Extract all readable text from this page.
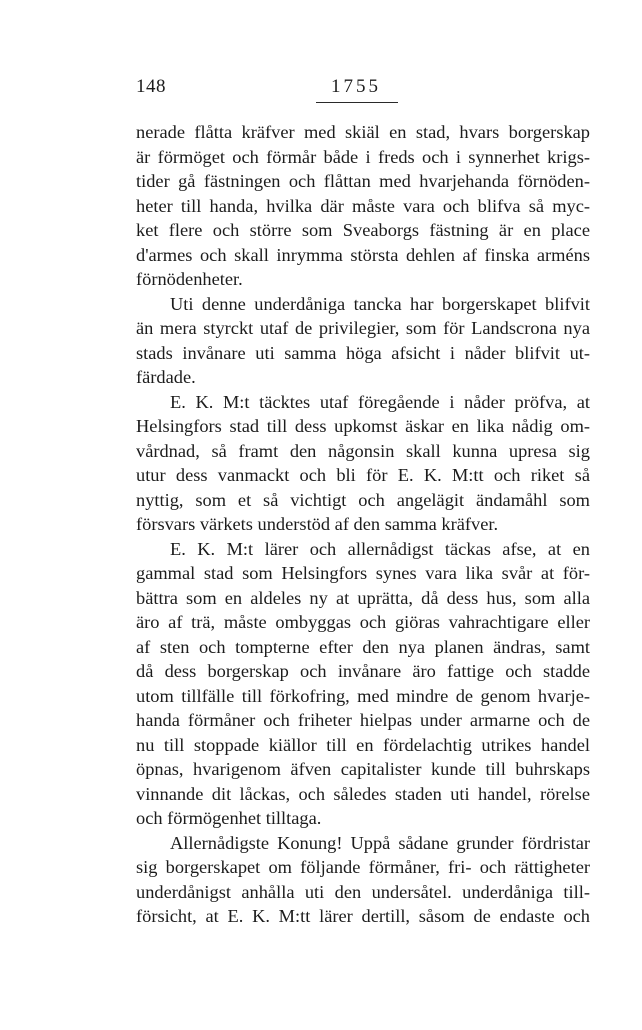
148	1755
nerade flåtta kräfver med skiäl en stad, hvars borgerskap
är förmöget och förmår både i freds och i synnerhet krigs-
tider gå fästningen och flåttan med hvarjehanda förnöden-
heter till handa, hvilka där måste vara och blifva så myc-
ket flere och större som Sveaborgs fästning är en place
d'armes och skall inrymma största dehlen af finska arméns
förnödenheter.
Uti denne underdåniga tancka har borgerskapet blifvit
än mera styrckt utaf de privilegier, som för Landscrona nya
stads invånare uti samma höga afsicht i nåder blifvit ut-
färdade.
E. K. M:t täcktes utaf föregående i nåder pröfva, at
Helsingfors stad till dess upkomst äskar en lika nådig om-
vårdnad, så framt den någonsin skall kunna upresa sig
utur dess vanmackt och bli för E. K. M:tt och riket så
nyttig, som et så vichtigt och angelägit ändamåhl som
försvars värkets understöd af den samma kräfver.
E. K. M:t lärer och allernådigst täckas afse, at en
gammal stad som Helsingfors synes vara lika svår at för-
bättra som en aldeles ny at uprätta, då dess hus, som alla
äro af trä, måste ombyggas och giöras vahrachtigare eller
af sten och tompterne efter den nya planen ändras, samt
då dess borgerskap och invånare äro fattige och stadde
utom tillfälle till förkofring, med mindre de genom hvarje-
handa förmåner och friheter hielpas under armarne och de
nu till stoppade kiällor till en fördelachtig utrikes handel
öpnas, hvarigenom äfven capitalister kunde till buhrskaps
vinnande dit låckas, och således staden uti handel, rörelse
och förmögenhet tilltaga.
Allernådigste Konung! Uppå sådane grunder fördristar
sig borgerskapet om följande förmåner, fri- och rättigheter
underdånigst anhålla uti den undersåtel. underdåniga till-
försicht, at E. K. M:tt lärer dertill, såsom de endaste och
